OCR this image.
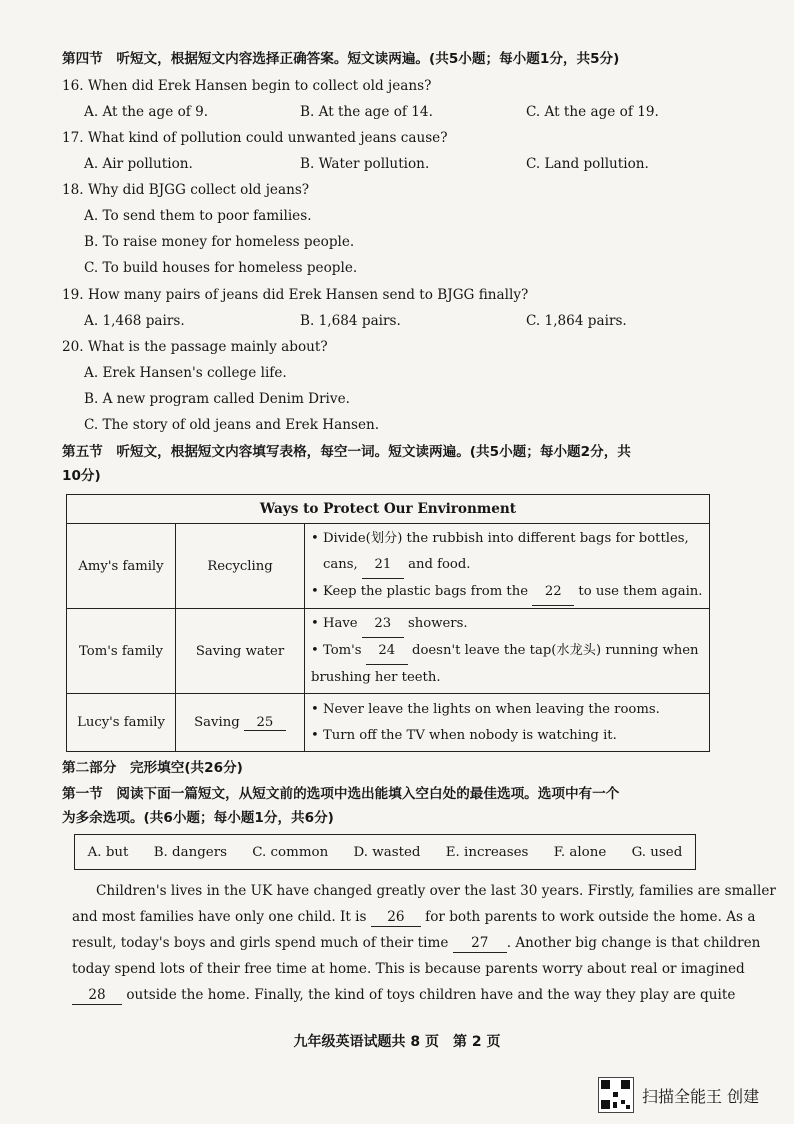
第四节　听短文，根据短文内容选择正确答案。短文读两遍。(共5小题；每小题1分，共5分)
16. When did Erek Hansen begin to collect old jeans?
A. At the age of 9.	B. At the age of 14.	C. At the age of 19.
17. What kind of pollution could unwanted jeans cause?
A. Air pollution.	B. Water pollution.	C. Land pollution.
18. Why did BJGG collect old jeans?
A. To send them to poor families.
B. To raise money for homeless people.
C. To build houses for homeless people.
19. How many pairs of jeans did Erek Hansen send to BJGG finally?
A. 1,468 pairs.	B. 1,684 pairs.	C. 1,864 pairs.
20. What is the passage mainly about?
A. Erek Hansen's college life.
B. A new program called Denim Drive.
C. The story of old jeans and Erek Hansen.
第五节　听短文，根据短文内容填写表格，每空一词。短文读两遍。(共5小题；每小题2分，共
10分)
Ways to Protect Our Environment		
Amy's family	Recycling	• Divide(划分) the rubbish into different bags for bottles,
cans, 21 and food.
• Keep the plastic bags from the 22 to use them again.

Tom's family	Saving water	• Have 23 showers.
• Tom's 24 doesn't leave the tap(水龙头) running when
brushing her teeth.

Lucy's family	Saving 25	• Never leave the lights on when leaving the rooms.
• Turn off the TV when nobody is watching it.
第二部分　完形填空(共26分)
第一节　阅读下面一篇短文，从短文前的选项中选出能填入空白处的最佳选项。选项中有一个
为多余选项。(共6小题；每小题1分，共6分)
A. but B. dangers C. common D. wasted E. increases F. alone G. used
Children's lives in the UK have changed greatly over the last 30 years. Firstly, families are smaller
and most families have only one child. It is 26 for both parents to work outside the home. As a
result, today's boys and girls spend much of their time 27 . Another big change is that children
today spend lots of their free time at home. This is because parents worry about real or imagined
28 outside the home. Finally, the kind of toys children have and the way they play are quite
九年级英语试题共 8 页　第 2 页
扫描全能王 创建
